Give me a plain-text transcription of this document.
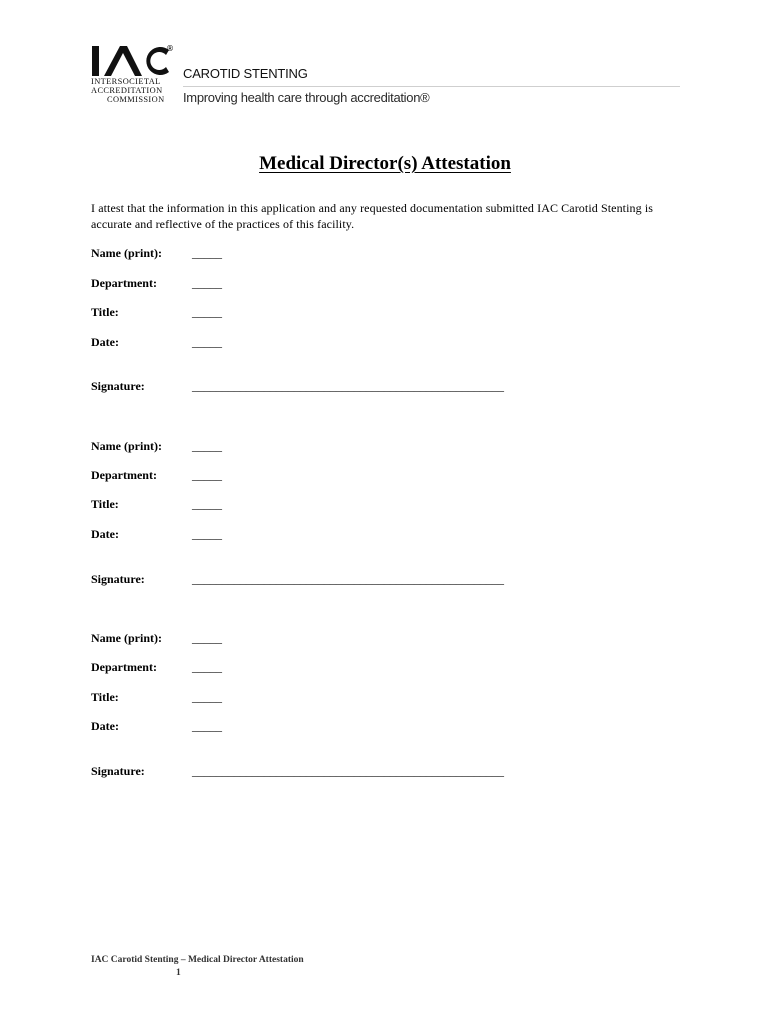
®
INTERSOCIETAL
ACCREDITATION
COMMISSION
CAROTID STENTING
Improving health care through accreditation®
Medical Director(s) Attestation
I attest that the information in this application and any requested documentation submitted IAC Carotid Stenting is accurate and reflective of the practices of this facility.
Name (print):	_____
Department:	_____
Title:	_____
Date:	_____
Signature:	____________________________________________________
Name (print):	_____
Department:	_____
Title:	_____
Date:	_____
Signature:	____________________________________________________
Name (print):	_____
Department:	_____
Title:	_____
Date:	_____
Signature:	____________________________________________________
IAC Carotid Stenting – Medical Director Attestation
1
